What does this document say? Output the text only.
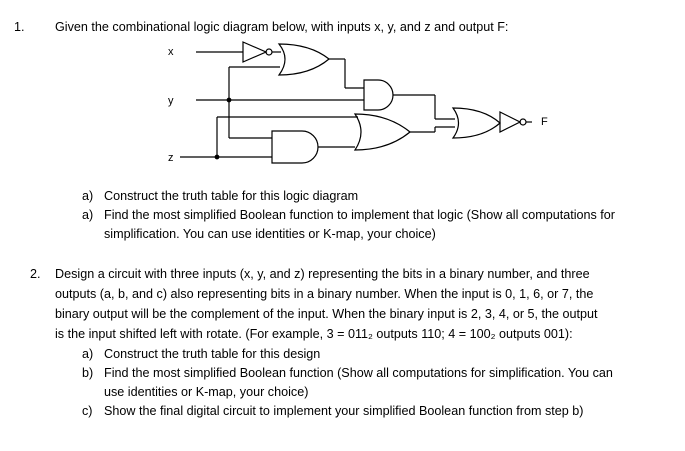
1. Given the combinational logic diagram below, with inputs x, y, and z and output F:
x
y
z
F
a) Construct the truth table for this logic diagram
a) Find the most simplified Boolean function to implement that logic (Show all computations for
simplification. You can use identities or K-map, your choice)
2. Design a circuit with three inputs (x, y, and z) representing the bits in a binary number, and three
outputs (a, b, and c) also representing bits in a binary number. When the input is 0, 1, 6, or 7, the
binary output will be the complement of the input. When the binary input is 2, 3, 4, or 5, the output
is the input shifted left with rotate. (For example, 3 = 011₂ outputs 110; 4 = 100₂ outputs 001):
a) Construct the truth table for this design
b) Find the most simplified Boolean function (Show all computations for simplification. You can
use identities or K-map, your choice)
c) Show the final digital circuit to implement your simplified Boolean function from step b)
